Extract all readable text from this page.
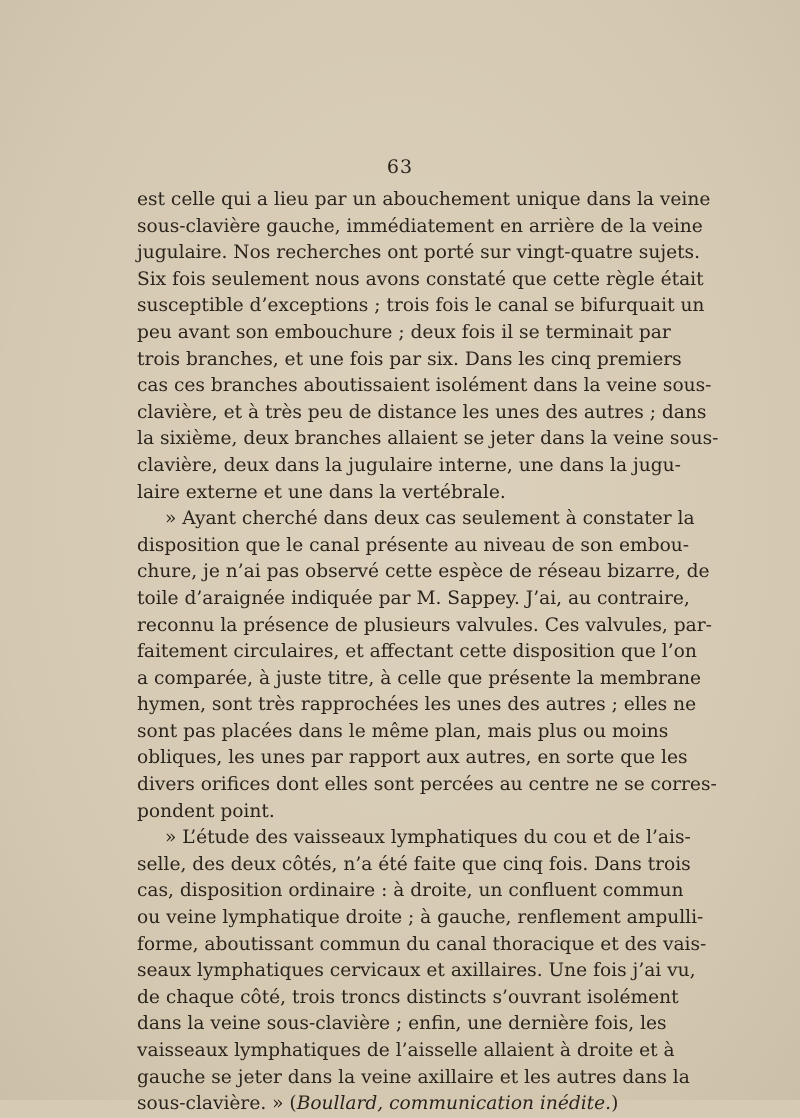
63
est celle qui a lieu par un abouchement unique dans la veine
sous-clavière gauche, immédiatement en arrière de la veine
jugulaire. Nos recherches ont porté sur vingt-quatre sujets.
Six fois seulement nous avons constaté que cette règle était
susceptible d’exceptions ; trois fois le canal se bifurquait un
peu avant son embouchure ; deux fois il se terminait par
trois branches, et une fois par six. Dans les cinq premiers
cas ces branches aboutissaient isolément dans la veine sous-
clavière, et à très peu de distance les unes des autres ; dans
la sixième, deux branches allaient se jeter dans la veine sous-
clavière, deux dans la jugulaire interne, une dans la jugu-
laire externe et une dans la vertébrale.
» Ayant cherché dans deux cas seulement à constater la
disposition que le canal présente au niveau de son embou-
chure, je n’ai pas observé cette espèce de réseau bizarre, de
toile d’araignée indiquée par M. Sappey. J’ai, au contraire,
reconnu la présence de plusieurs valvules. Ces valvules, par-
faitement circulaires, et affectant cette disposition que l’on
a comparée, à juste titre, à celle que présente la membrane
hymen, sont très rapprochées les unes des autres ; elles ne
sont pas placées dans le même plan, mais plus ou moins
obliques, les unes par rapport aux autres, en sorte que les
divers orifices dont elles sont percées au centre ne se corres-
pondent point.
» L’étude des vaisseaux lymphatiques du cou et de l’ais-
selle, des deux côtés, n’a été faite que cinq fois. Dans trois
cas, disposition ordinaire : à droite, un confluent commun
ou veine lymphatique droite ; à gauche, renflement ampulli-
forme, aboutissant commun du canal thoracique et des vais-
seaux lymphatiques cervicaux et axillaires. Une fois j’ai vu,
de chaque côté, trois troncs distincts s’ouvrant isolément
dans la veine sous-clavière ; enfin, une dernière fois, les
vaisseaux lymphatiques de l’aisselle allaient à droite et à
gauche se jeter dans la veine axillaire et les autres dans la
sous-clavière. » (Boullard, communication inédite.)
